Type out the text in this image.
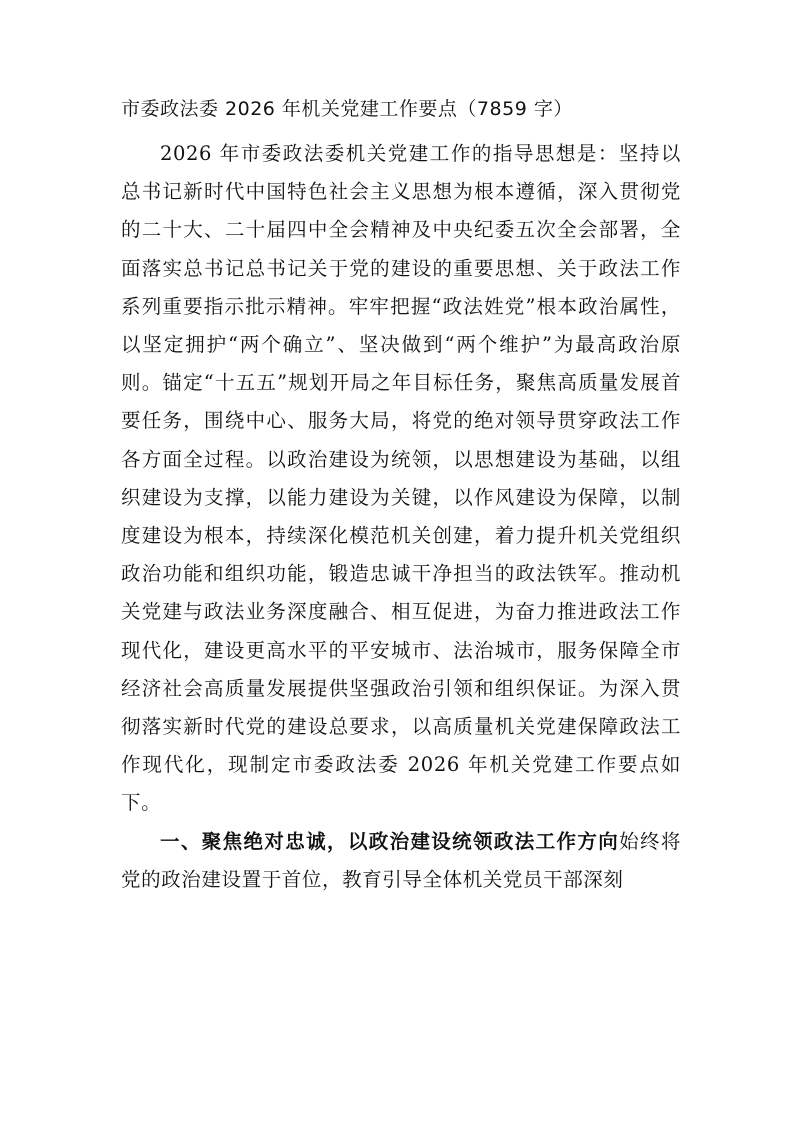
市委政法委 2026 年机关党建工作要点（7859 字）

2026 年市委政法委机关党建工作的指导思想是：坚持以总书记新时代中国特色社会主义思想为根本遵循，深入贯彻党的二十大、二十届四中全会精神及中央纪委五次全会部署，全面落实总书记总书记关于党的建设的重要思想、关于政法工作系列重要指示批示精神。牢牢把握“政法姓党”根本政治属性，以坚定拥护“两个确立”、坚决做到“两个维护”为最高政治原则。锚定“十五五”规划开局之年目标任务，聚焦高质量发展首要任务，围绕中心、服务大局，将党的绝对领导贯穿政法工作各方面全过程。以政治建设为统领，以思想建设为基础，以组织建设为支撑，以能力建设为关键，以作风建设为保障，以制度建设为根本，持续深化模范机关创建，着力提升机关党组织政治功能和组织功能，锻造忠诚干净担当的政法铁军。推动机关党建与政法业务深度融合、相互促进，为奋力推进政法工作现代化，建设更高水平的平安城市、法治城市，服务保障全市经济社会高质量发展提供坚强政治引领和组织保证。为深入贯彻落实新时代党的建设总要求，以高质量机关党建保障政法工作现代化，现制定市委政法委 2026 年机关党建工作要点如下。

一、聚焦绝对忠诚，以政治建设统领政法工作方向始终将党的政治建设置于首位，教育引导全体机关党员干部深刻
